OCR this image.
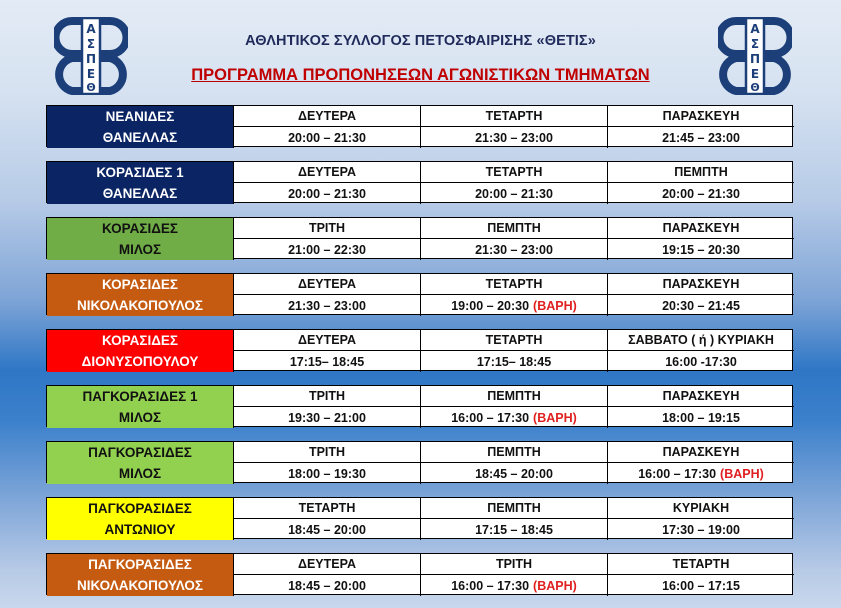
Α
Σ
Π
Ε
Θ
Α
Σ
Π
Ε
Θ
ΑΘΛΗΤΙΚΟΣ ΣΥΛΛΟΓΟΣ ΠΕΤΟΣΦΑΙΡΙΣΗΣ «ΘΕΤΙΣ»
ΠΡΟΓΡΑΜΜΑ ΠΡΟΠΟΝΗΣΕΩΝ ΑΓΩΝΙΣΤΙΚΩΝ ΤΜΗΜΑΤΩΝ
ΝΕΑΝΙΔΕΣ
ΘΑΝΕΛΛΑΣ
ΔΕΥΤΕΡΑ
20:00 – 21:30
ΤΕΤΑΡΤΗ
21:30 – 23:00
ΠΑΡΑΣΚΕΥΗ
21:45 – 23:00
ΚΟΡΑΣΙΔΕΣ 1
ΘΑΝΕΛΛΑΣ
ΔΕΥΤΕΡΑ
20:00 – 21:30
ΤΕΤΑΡΤΗ
20:00 – 21:30
ΠΕΜΠΤΗ
20:00 – 21:30
ΚΟΡΑΣΙΔΕΣ
ΜΙΛΟΣ
ΤΡΙΤΗ
21:00 – 22:30
ΠΕΜΠΤΗ
21:30 – 23:00
ΠΑΡΑΣΚΕΥΗ
19:15 – 20:30
ΚΟΡΑΣΙΔΕΣ
ΝΙΚΟΛΑΚΟΠΟΥΛΟΣ
ΔΕΥΤΕΡΑ
21:30 – 23:00
ΤΕΤΑΡΤΗ
19:00 – 20:30 (ΒΑΡΗ)
ΠΑΡΑΣΚΕΥΗ
20:30 – 21:45
ΚΟΡΑΣΙΔΕΣ
ΔΙΟΝΥΣΟΠΟΥΛΟΥ
ΔΕΥΤΕΡΑ
17:15– 18:45
ΤΕΤΑΡΤΗ
17:15– 18:45
ΣΑΒΒΑΤΟ ( ή ) ΚΥΡΙΑΚΗ
16:00 -17:30
ΠΑΓΚΟΡΑΣΙΔΕΣ 1
ΜΙΛΟΣ
ΤΡΙΤΗ
19:30 – 21:00
ΠΕΜΠΤΗ
16:00 – 17:30 (ΒΑΡΗ)
ΠΑΡΑΣΚΕΥΗ
18:00 – 19:15
ΠΑΓΚΟΡΑΣΙΔΕΣ
ΜΙΛΟΣ
ΤΡΙΤΗ
18:00 – 19:30
ΠΕΜΠΤΗ
18:45 – 20:00
ΠΑΡΑΣΚΕΥΗ
16:00 – 17:30 (ΒΑΡΗ)
ΠΑΓΚΟΡΑΣΙΔΕΣ
ΑΝΤΩΝΙΟΥ
ΤΕΤΑΡΤΗ
18:45 – 20:00
ΠΕΜΠΤΗ
17:15 – 18:45
ΚΥΡΙΑΚΗ
17:30 – 19:00
ΠΑΓΚΟΡΑΣΙΔΕΣ
ΝΙΚΟΛΑΚΟΠΟΥΛΟΣ
ΔΕΥΤΕΡΑ
18:45 – 20:00
ΤΡΙΤΗ
16:00 – 17:30 (ΒΑΡΗ)
ΤΕΤΑΡΤΗ
16:00 – 17:15
